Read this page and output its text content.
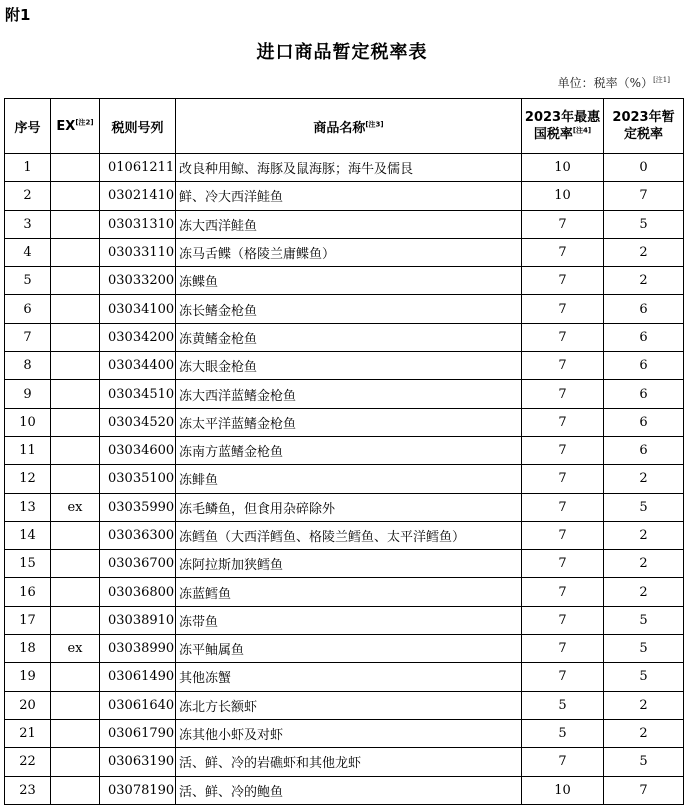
附1
进口商品暂定税率表
单位：税率（%）[注1]
序号	EX[注2]	税则号列	商品名称[注3]	2023年最惠国税率[注4]	2023年暂定税率
1		01061211	改良种用鲸、海豚及鼠海豚；海牛及儒艮	10	0
2		03021410	鲜、冷大西洋鲑鱼	10	7
3		03031310	冻大西洋鲑鱼	7	5
4		03033110	冻马舌鲽（格陵兰庸鲽鱼）	7	2
5		03033200	冻鲽鱼	7	2
6		03034100	冻长鳍金枪鱼	7	6
7		03034200	冻黄鳍金枪鱼	7	6
8		03034400	冻大眼金枪鱼	7	6
9		03034510	冻大西洋蓝鳍金枪鱼	7	6
10		03034520	冻太平洋蓝鳍金枪鱼	7	6
11		03034600	冻南方蓝鳍金枪鱼	7	6
12		03035100	冻鲱鱼	7	2
13	ex	03035990	冻毛鳞鱼，但食用杂碎除外	7	5
14		03036300	冻鳕鱼（大西洋鳕鱼、格陵兰鳕鱼、太平洋鳕鱼）	7	2
15		03036700	冻阿拉斯加狭鳕鱼	7	2
16		03036800	冻蓝鳕鱼	7	2
17		03038910	冻带鱼	7	5
18	ex	03038990	冻平鲉属鱼	7	5
19		03061490	其他冻蟹	7	5
20		03061640	冻北方长额虾	5	2
21		03061790	冻其他小虾及对虾	5	2
22		03063190	活、鲜、冷的岩礁虾和其他龙虾	7	5
23		03078190	活、鲜、冷的鲍鱼	10	7
